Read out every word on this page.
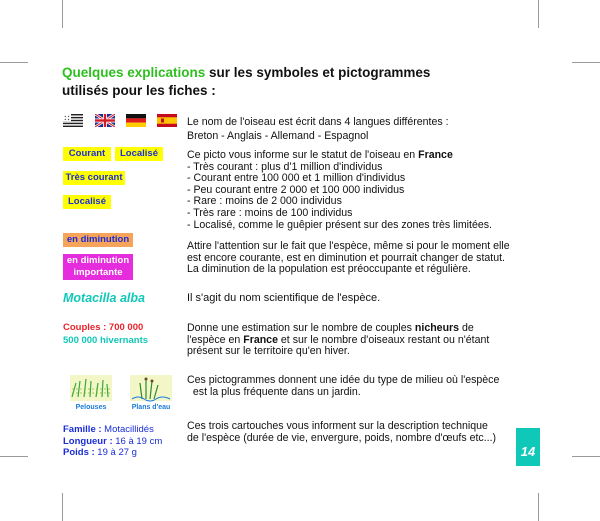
Quelques explications sur les symboles et pictogrammes
utilisés pour les fiches :
✦ ✦
✦ ✦	Le nom de l'oiseau est écrit dans 4 langues différentes :
Breton - Anglais - Allemand - Espagnol
Courant	Localisé
Très courant
Localisé
Ce picto vous informe sur le statut de l'oiseau en France
- Très courant : plus d'1 million d'individus
- Courant entre 100 000 et 1 million d'individus
- Peu courant entre 2 000 et 100 000 individus
- Rare : moins de 2 000 individus
- Très rare : moins de 100 individus
- Localisé, comme le guêpier présent sur des zones très limitées.
en diminution
en diminution
importante
Attire l'attention sur le fait que l'espèce, même si pour le moment elle
est encore courante, est en diminution et pourrait changer de statut.
La diminution de la population est préoccupante et régulière.
Motacilla alba	Il s'agit du nom scientifique de l'espèce.
Couples : 700 000
500 000 hivernants
Donne une estimation sur le nombre de couples nicheurs de
l'espèce en France et sur le nombre d'oiseaux restant ou n'étant
présent sur le territoire qu'en hiver.
Pelouses	Plans d'eau
Ces pictogrammes donnent une idée du type de milieu où l'espèce
est la plus fréquente dans un jardin.
Famille : Motacillidés
Longueur : 16 à 19 cm
Poids : 19 à 27 g
Ces trois cartouches vous informent sur la description technique
de l'espèce (durée de vie, envergure, poids, nombre d'œufs etc...)
14
